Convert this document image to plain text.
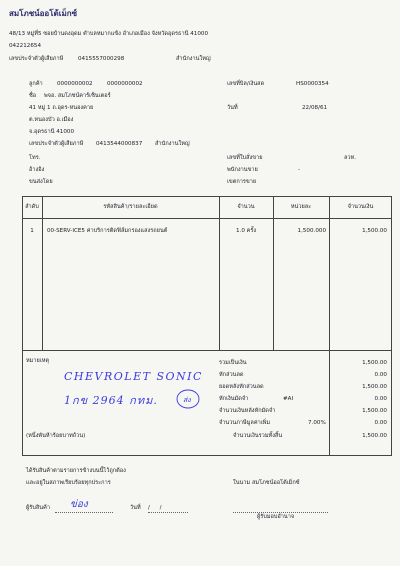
สมโภชน์ออโต้เม็กซ์
48/13 หมู่ที่5 ซอยบ้านดงอุดม ตำบลหมากแข้ง อำเภอเมือง จังหวัดอุดรธานี 41000
042212654
เลขประจำตัวผู้เสียภาษี	0415557000298	สำนักงานใหญ่
ลูกค้า	0000000002	0000000002
ชื่อ พจอ. สมโภชน์คาร์เซ็นเตอร์
41 หมู่ 1 ถ.อุดร-หนองคาย
ต.หนองบัว อ.เมือง
จ.อุดรธานี 41000
เลขประจำตัวผู้เสียภาษี 0413544000837 สำนักงานใหญ่
โทร.
อ้างอิง
ขนส่งโดย
เลขที่บิล/เงินสด	HS0000354
วันที่	22/08/61
เลขที่ใบสั่งขาย	ลวท.
พนักงานขาย	-
เขตการขาย
ลำดับ	รหัสสินค้า/รายละเอียด	จำนวน	หน่วยละ	จำนวนเงิน
1	00-SERV-ICE5 ค่าบริการติดฟิล์มกรองแสงรถยนต์	1.0 ครั้ง	1,500.000	1,500.00
หมายเหตุ
CHEVROLET SONIC
1กข 2964 กทม.	ส่ง
(หนึ่งพันห้าร้อยบาทถ้วน)
รวมเป็นเงิน	1,500.00
หักส่วนลด	0.00
ยอดหลังหักส่วนลด	1,500.00
หักเงินมัดจำ	#AI	0.00
จำนวนเงินหลังหักมัดจำ	1,500.00
จำนวนภาษีมูลค่าเพิ่ม	7.00%	0.00
จำนวนเงินรวมทั้งสิ้น	1,500.00
ได้รับสินค้าตามรายการข้างบนนี้ไว้ถูกต้อง
และอยู่ในสภาพเรียบร้อยทุกประการ	ในนาม สมโภชน์ออโต้เม็กซ์
ผู้รับสินค้า ข่อง	วันที่ / /
ผู้รับมอบอำนาจ
